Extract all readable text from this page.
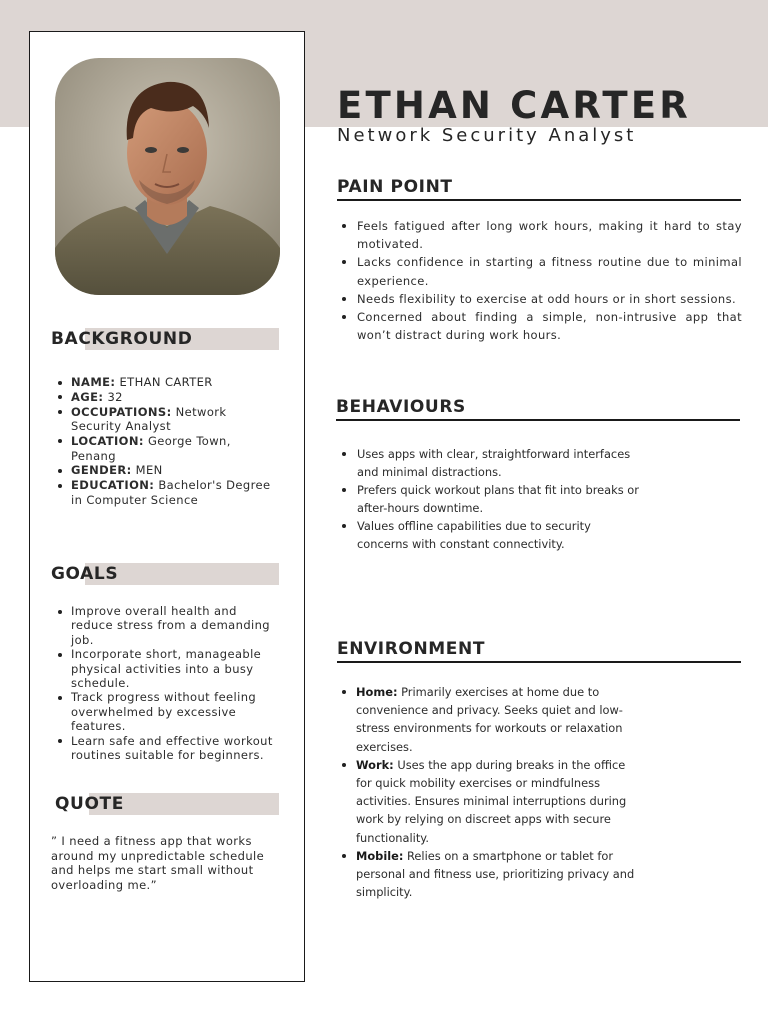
ETHAN CARTER
Network Security Analyst
BACKGROUND
NAME: ETHAN CARTER
AGE: 32
OCCUPATIONS: Network Security Analyst
LOCATION: George Town, Penang
GENDER: MEN
EDUCATION: Bachelor's Degree in Computer Science
GOALS
Improve overall health and reduce stress from a demanding job.
Incorporate short, manageable physical activities into a busy schedule.
Track progress without feeling overwhelmed by excessive features.
Learn safe and effective workout routines suitable for beginners.
QUOTE
” I need a fitness app that works around my unpredictable schedule and helps me start small without overloading me.”
PAIN POINT
Feels fatigued after long work hours, making it hard to stay motivated.
Lacks confidence in starting a fitness routine due to minimal experience.
Needs flexibility to exercise at odd hours or in short sessions.
Concerned about finding a simple, non-intrusive app that won’t distract during work hours.
BEHAVIOURS
Uses apps with clear, straightforward interfaces and minimal distractions.
Prefers quick workout plans that fit into breaks or after-hours downtime.
Values offline capabilities due to security concerns with constant connectivity.
ENVIRONMENT
Home: Primarily exercises at home due to convenience and privacy. Seeks quiet and low-stress environments for workouts or relaxation exercises.
Work: Uses the app during breaks in the office for quick mobility exercises or mindfulness activities. Ensures minimal interruptions during work by relying on discreet apps with secure functionality.
Mobile: Relies on a smartphone or tablet for personal and fitness use, prioritizing privacy and simplicity.
